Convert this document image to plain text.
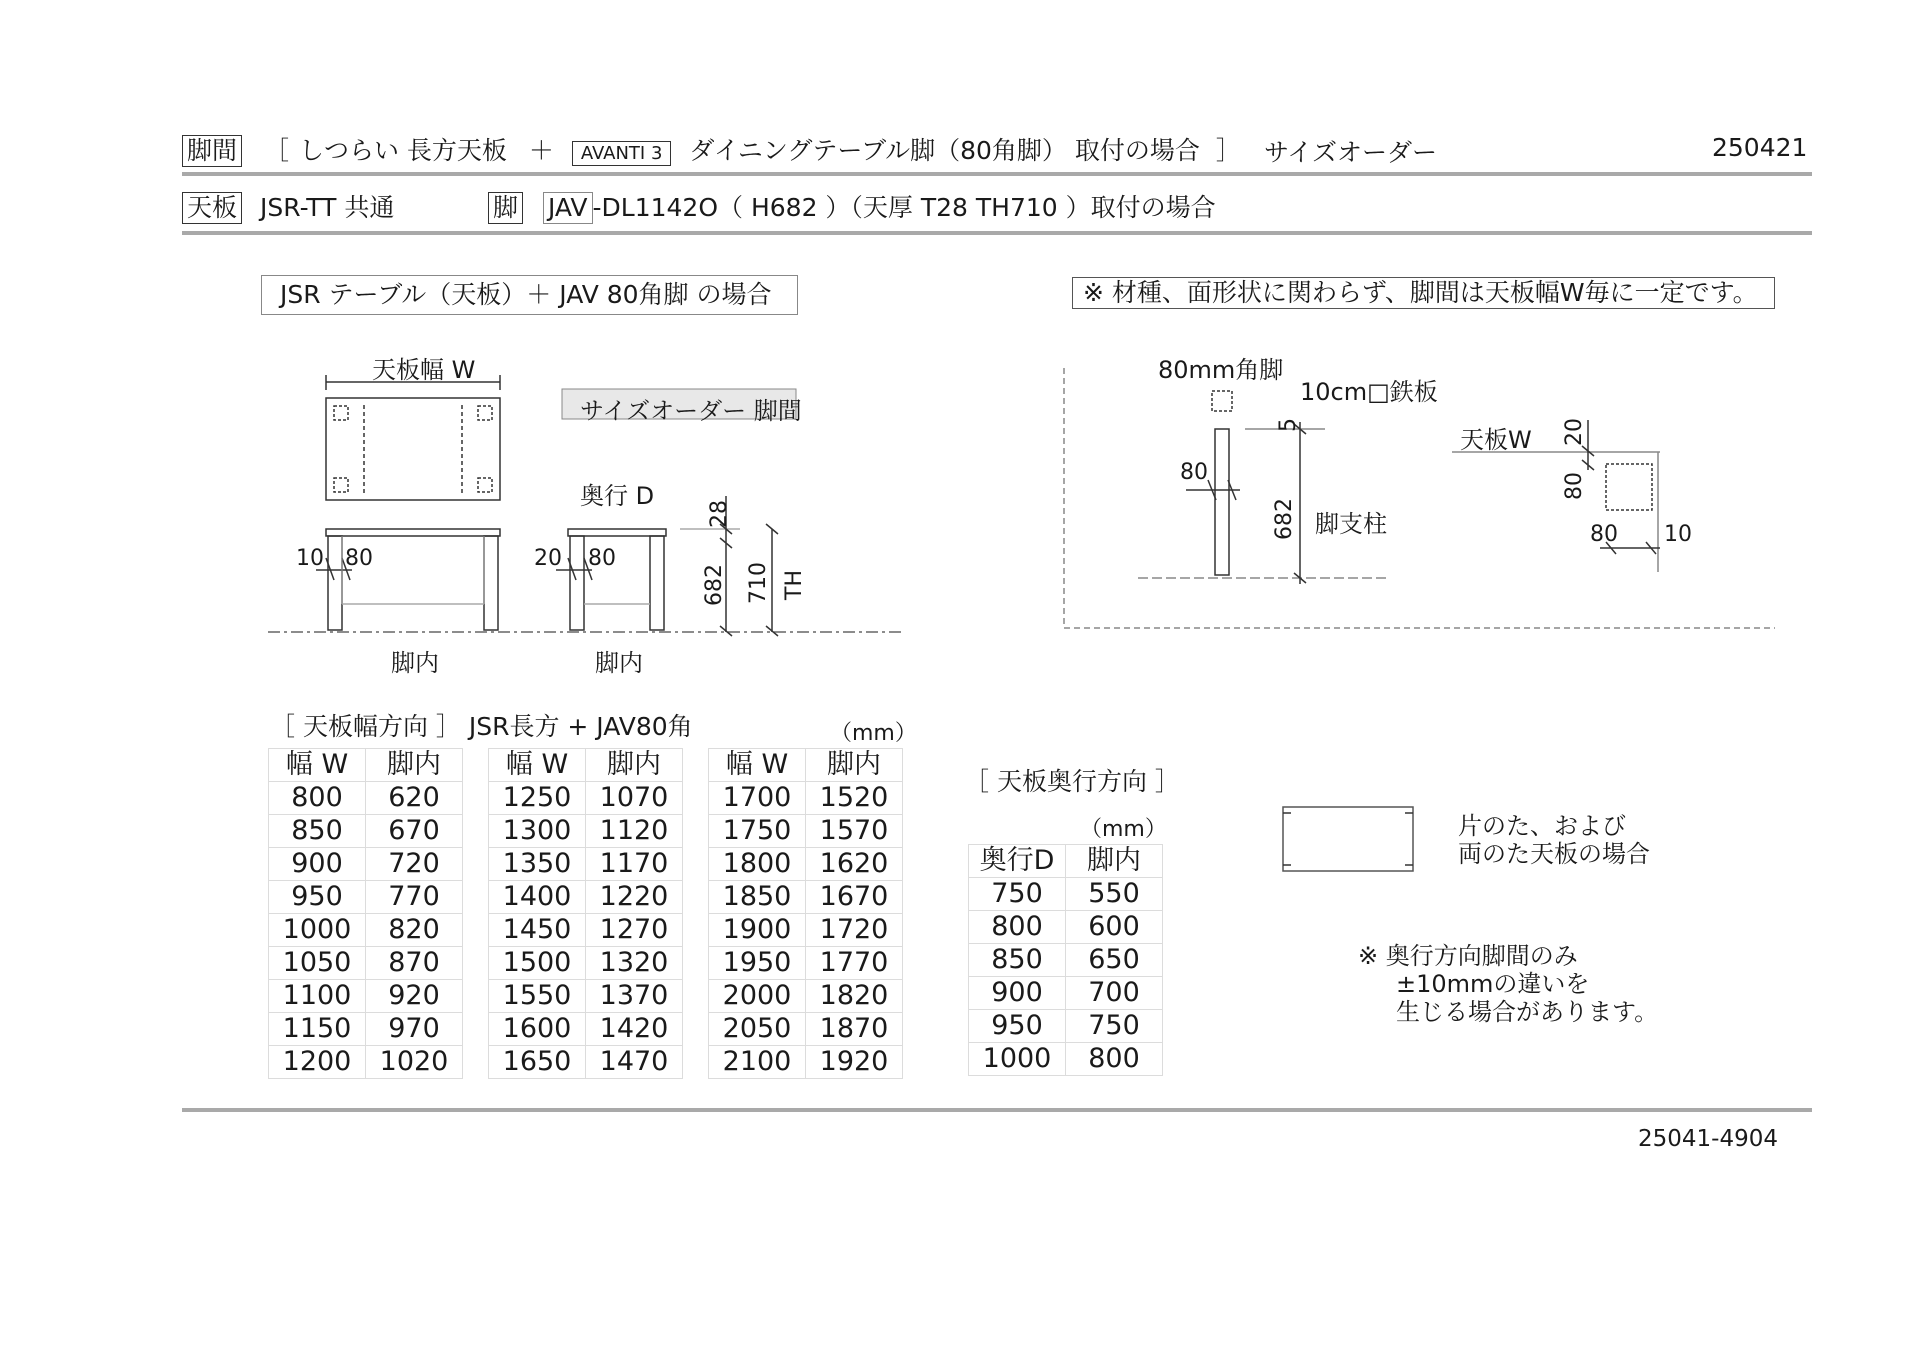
脚間 ［ しつらい 長方天板 ＋ AVANTI 3 ダイニングテーブル脚（80角脚） 取付の場合 ］ サイズオーダー	250421
天板 JSR-TT 共通	脚 JAV -DL1142O（ H682 ）（天厚 T28 TH710 ）取付の場合
JSR テーブル（天板）＋ JAV 80角脚 の場合	※ 材種、面形状に関わらず、脚間は天板幅W毎に一定です。
天板幅 W
サイズオーダー 脚間
奥行 D
10 80	20 80
28
682 710 TH
脚内	脚内
80mm角脚
10cm□鉄板
5
80
682 脚支柱
天板W 20
80
80 10
［ 天板幅方向 ］ JSR長方 + JAV80角	（mm）
幅 W	脚内
800	620
850	670
900	720
950	770
1000	820
1050	870
1100	920
1150	970
1200	1020
幅 W	脚内
1250	1070
1300	1120
1350	1170
1400	1220
1450	1270
1500	1320
1550	1370
1600	1420
1650	1470
幅 W	脚内
1700	1520
1750	1570
1800	1620
1850	1670
1900	1720
1950	1770
2000	1820
2050	1870
2100	1920
［ 天板奥行方向 ］
（mm）
奥行D	脚内
750	550
800	600
850	650
900	700
950	750
1000	800
片のた、および
両のた天板の場合
※ 奥行方向脚間のみ
±10mmの違いを
生じる場合があります。
25041-4904
